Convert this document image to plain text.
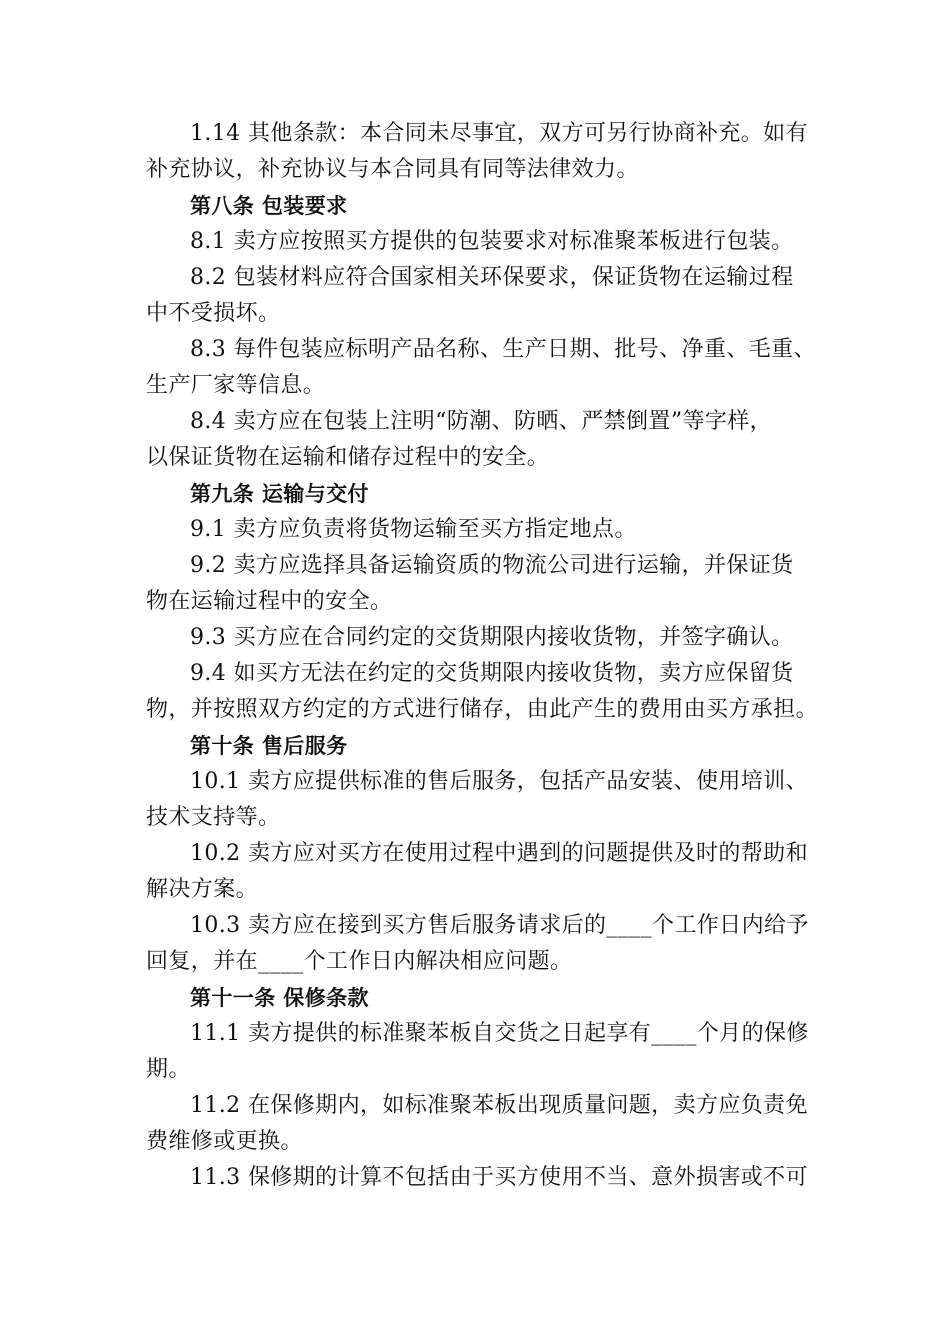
1.14 其他条款：本合同未尽事宜，双方可另行协商补充。如有
补充协议，补充协议与本合同具有同等法律效力。
第八条 包装要求
8.1 卖方应按照买方提供的包装要求对标准聚苯板进行包装。
8.2 包装材料应符合国家相关环保要求，保证货物在运输过程
中不受损坏。
8.3 每件包装应标明产品名称、生产日期、批号、净重、毛重、
生产厂家等信息。
8.4 卖方应在包装上注明“防潮、防晒、严禁倒置”等字样，
以保证货物在运输和储存过程中的安全。
第九条 运输与交付
9.1 卖方应负责将货物运输至买方指定地点。
9.2 卖方应选择具备运输资质的物流公司进行运输，并保证货
物在运输过程中的安全。
9.3 买方应在合同约定的交货期限内接收货物，并签字确认。
9.4 如买方无法在约定的交货期限内接收货物，卖方应保留货
物，并按照双方约定的方式进行储存，由此产生的费用由买方承担。
第十条 售后服务
10.1 卖方应提供标准的售后服务，包括产品安装、使用培训、
技术支持等。
10.2 卖方应对买方在使用过程中遇到的问题提供及时的帮助和
解决方案。
10.3 卖方应在接到买方售后服务请求后的____个工作日内给予
回复，并在____个工作日内解决相应问题。
第十一条 保修条款
11.1 卖方提供的标准聚苯板自交货之日起享有____个月的保修
期。
11.2 在保修期内，如标准聚苯板出现质量问题，卖方应负责免
费维修或更换。
11.3 保修期的计算不包括由于买方使用不当、意外损害或不可
